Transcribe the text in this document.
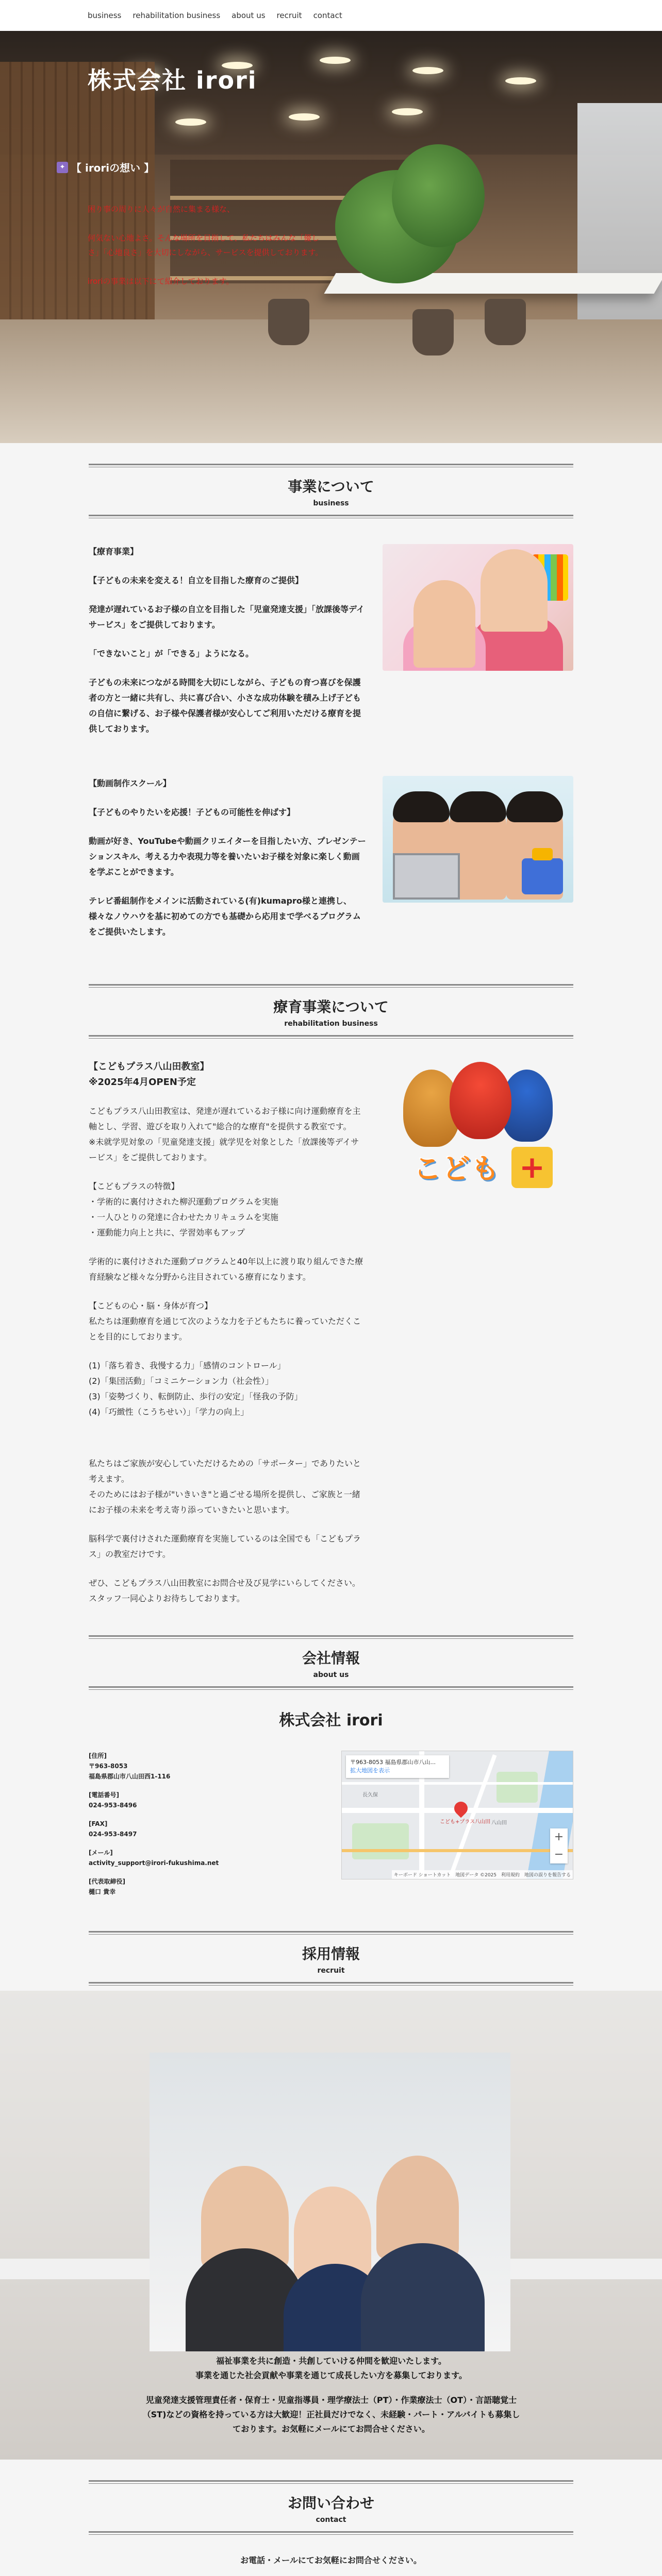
business rehabilitation business about us recruit contact
株式会社 irori
✦ 【 iroriの想い 】

困り事の周りに人々が自然に集まる様な、

何気ない心地よさ。そんな場所を目指して、私たちはみんな「優しさ」「心地良さ」を大切にしながら、サービスを提供しております。

iroriの事業は以下にて紹介しております。

事業について
business

【療育事業】

【子どもの未来を変える！自立を目指した療育のご提供】

発達が遅れているお子様の自立を目指した「児童発達支援」「放課後等デイサービス」をご提供しております。

「できないこと」が「できる」ようになる。

子どもの未来につながる時間を大切にしながら、子どもの育つ喜びを保護者の方と一緒に共有し、共に喜び合い、小さな成功体験を積み上げ子どもの自信に繋げる、お子様や保護者様が安心してご利用いただける療育を提供しております。

【動画制作スクール】

【子どものやりたいを応援！子どもの可能性を伸ばす】

動画が好き、YouTubeや動画クリエイターを目指したい方、プレゼンテーションスキル、考える力や表現力等を養いたいお子様を対象に楽しく動画を学ぶことができます。

テレビ番組制作をメインに活動されている(有)kumapro様と連携し、様々なノウハウを基に初めての方でも基礎から応用まで学べるプログラムをご提供いたします。

療育事業について
rehabilitation business
【こどもプラス八山田教室】
※2025年4月OPEN予定
こどもプラス八山田教室は、発達が遅れているお子様に向け運動療育を主軸とし、学習、遊びを取り入れて"総合的な療育"を提供する教室です。
※未就学児対象の「児童発達支援」就学児を対象とした「放課後等デイサービス」をご提供しております。
【こどもプラスの特徴】
・学術的に裏付けされた柳沢運動プログラムを実施
・一人ひとりの発達に合わせたカリキュラムを実施
・運動能力向上と共に、学習効率もアップ
学術的に裏付けされた運動プログラムと40年以上に渡り取り組んできた療育経験など様々な分野から注目されている療育になります。
【こどもの心・脳・身体が育つ】
私たちは運動療育を通じて次のような力を子どもたちに養っていただくことを目的にしております。
(1)「落ち着き、我慢する力」「感情のコントロール」
(2)「集団活動」「コミニケーション力（社会性）」
(3)「姿勢づくり、転倒防止、歩行の安定」「怪我の予防」
(4)「巧緻性（こうちせい）」「学力の向上」
私たちはご家族が安心していただけるための「サポーター」でありたいと考えます。
そのためにはお子様が"いきいき"と過ごせる場所を提供し、ご家族と一緒にお子様の未来を考え寄り添っていきたいと思います。
脳科学で裏付けされた運動療育を実施しているのは全国でも「こどもプラス」の教室だけです。
ぜひ、こどもプラス八山田教室にお問合せ及び見学にいらしてください。
スタッフ一同心よりお待ちしております。
こども +
会社情報
about us
株式会社 irori
[住所]
〒963-8053
福島県郡山市八山田西1-116
[電話番号]
024-953-8496
[FAX]
024-953-8497
[メール]
activity_support@irori-fukushima.net
[代表取締役]
樋口 貴幸
長久保
八山田
こども+プラス八山田
〒963-8053 福島県郡山市八山...
拡大地図を表示
+
−
キーボード ショートカット　地図データ ©2025　利用規約　地図の誤りを報告する
採用情報
recruit
福祉事業を共に創造・共創していける仲間を歓迎いたします。
事業を通じた社会貢献や事業を通じて成長したい方を募集しております。
児童発達支援管理責任者・保育士・児童指導員・理学療法士（PT）・作業療法士（OT）・言語聴覚士（ST)などの資格を持っている方は大歓迎！正社員だけでなく、未経験・パート・アルバイトも募集しております。お気軽にメールにてお問合せください。
お問い合わせ
contact

お電話・メールにてお気軽にお問合せください。
